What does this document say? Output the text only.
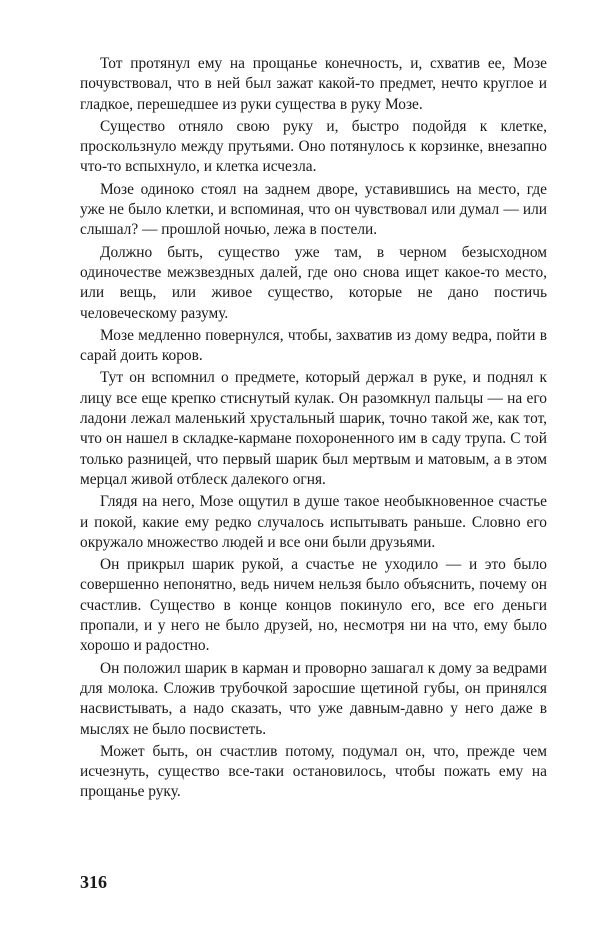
Тот протянул ему на прощанье конечность, и, схватив ее, Мозе почувствовал, что в ней был зажат какой-то предмет, нечто круглое и гладкое, перешедшее из руки существа в руку Мозе.

Существо отняло свою руку и, быстро подойдя к клетке, проскользнуло между прутьями. Оно потянулось к корзинке, внезапно что-то вспыхнуло, и клетка исчезла.

Мозе одиноко стоял на заднем дворе, уставившись на место, где уже не было клетки, и вспоминая, что он чувствовал или думал — или слышал? — прошлой ночью, лежа в постели.

Должно быть, существо уже там, в черном безысходном одиночестве межзвездных далей, где оно снова ищет какое-то место, или вещь, или живое существо, которые не дано постичь человеческому разуму.

Мозе медленно повернулся, чтобы, захватив из дому ведра, пойти в сарай доить коров.

Тут он вспомнил о предмете, который держал в руке, и поднял к лицу все еще крепко стиснутый кулак. Он разомкнул пальцы — на его ладони лежал маленький хрустальный шарик, точно такой же, как тот, что он нашел в складке-кармане похороненного им в саду трупа. С той только разницей, что первый шарик был мертвым и матовым, а в этом мерцал живой отблеск далекого огня.

Глядя на него, Мозе ощутил в душе такое необыкновенное счастье и покой, какие ему редко случалось испытывать раньше. Словно его окружало множество людей и все они были друзьями.

Он прикрыл шарик рукой, а счастье не уходило — и это было совершенно непонятно, ведь ничем нельзя было объяснить, почему он счастлив. Существо в конце концов покинуло его, все его деньги пропали, и у него не было друзей, но, несмотря ни на что, ему было хорошо и радостно.

Он положил шарик в карман и проворно зашагал к дому за ведрами для молока. Сложив трубочкой заросшие щетиной губы, он принялся насвистывать, а надо сказать, что уже давным-давно у него даже в мыслях не было посвистеть.

Может быть, он счастлив потому, подумал он, что, прежде чем исчезнуть, существо все-таки остановилось, чтобы пожать ему на прощанье руку.

316
